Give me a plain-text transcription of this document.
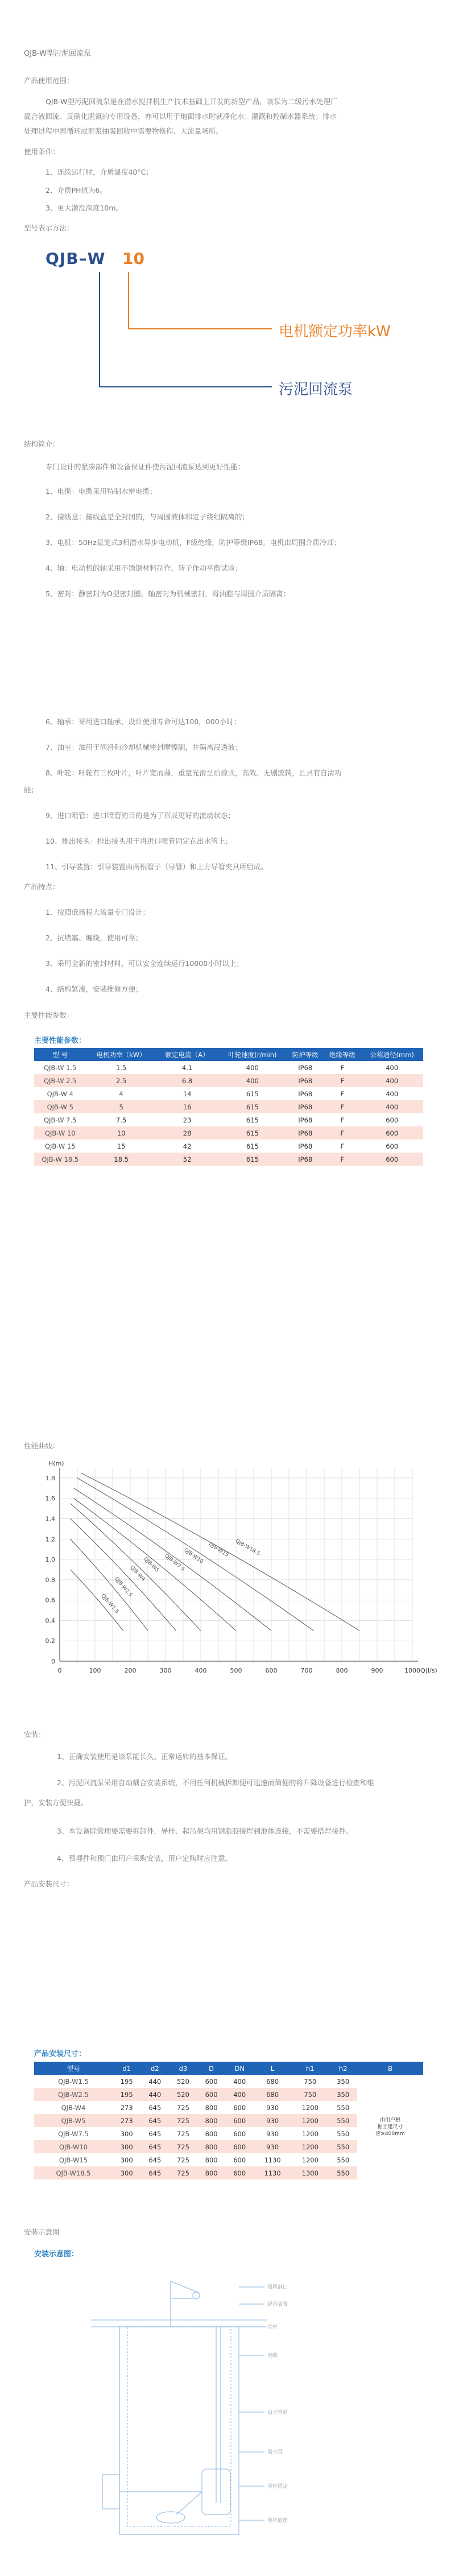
QJB-W型污泥回流泵
产品使用范围：
QJB-W型污泥回流泵是在潜水搅拌机生产技术基础上开发的新型产品，该泵为二级污水处理厂
混合液回流、反硝化脱氮的专用设备，亦可以用于地面排水时就净化水；灌溉和控制水器系统；排水
处理过程中再循环或泥浆抽吸回收中需要物换程、大流量场所。
使用条件：
1、连续运行时，介质温度40°C；
2、介质PH值为6。
3、更大潜没深度10m。
型号表示方法：
QJB–W 10
电机额定功率kW
污泥回流泵
结构简介：
专门设计的紧凑部件和设备保证件使污泥回流泵达到更好性能：
1、电缆：电缆采用特制水密电缆；
2、接线盒：接线盒是全封闭的，与周围液体和定子绕组隔离的；
3、电机：50Hz鼠笼式3相潜水异步电动机，F级绝缘，防护等级IP68。电机由周围介质冷却；
4、轴：电动机的轴采用不锈钢材料制作，转子作动平衡试验；
5、密封：静密封为O型密封圈。轴密封为机械密封，将油腔与周围介质隔离；
6、轴承：采用进口轴承，设计使用寿命可达100，000小时；
7、油室：油用于润滑和冷却机械密封摩擦副，并隔离浸透液；
8、叶轮：叶轮有三枚叶片，叶片宽而薄，重量光滑呈后掠式，高效、无剧波转，且具有自清功
能；
9、进口喷管：进口喷管的目的是为了形成更好的流动状态；
10、排出接头：排出接头用于将进口喷管固定在出水管上；
11、引导装置：引导装置由两根管子（导管）和上方导管夹具所组成。
产品特点：
1、按照低扬程大流量专门设计；
2、抗堵塞、缠绕，使用可靠；
3、采用全新的密封材料，可以安全连续运行10000小时以上；
4、结构紧凑，安装维修方便；
主要性能参数：
主要性能参数：
型 号	电机功率（kW）	额定电流（A）	叶轮速度(r/min)	防护等级	绝缘等级	公称通径(mm)
QJB-W 1.5	1.5	4.1	400	IP68	F	400
QJB-W 2.5	2.5	6.8	400	IP68	F	400
QJB-W 4	4	14	615	IP68	F	400
QJB-W 5	5	16	615	IP68	F	400
QJB-W 7.5	7.5	23	615	IP68	F	600
QJB-W 10	10	28	615	IP68	F	600
QJB-W 15	15	42	615	IP68	F	600
QJB-W 18.5	18.5	52	615	IP68	F	600
性能曲线：
0
0.2
0.4
0.6
0.8
1.0
1.2
1.4
1.6
1.8
0	100	200	300	400	500	600	700	800	900	1000
H(m)
Q(l/s)
QJB-W1.5
QJB-W2.5
QJB-W4
QJB-W5 QJB-W7.5
QJB-W10 QJB-W15 QJB-W18.5
安装：
1、正确安装使用是该泵能长久、正常运转的基本保证。
2、污泥回流泵采用自动耦合安装系统，不用任何机械拆卸便可迅速而简便的将升降设备进行检查和维
护，安装方便快捷。
3、本设备除管理要需要拆卸外，导杆、起吊架均用钢脂胶接焊到池体连接，不需要搭焊接件。
4、预埋件和预门由用户采购安装，用户定购时应注意。
产品安装尺寸：
产品安装尺寸：
型号	d1	d2	d3	D	DN	L	h1	h2	B
QJB-W1.5	195	440	520	600	400	680	750	350	由用户根
据土建尺寸
应≥400mm

QJB-W2.5	195	440	520	600	400	680	750	350	
QJB-W4	273	645	725	800	600	930	1200	550	
QJB-W5	273	645	725	800	600	930	1200	550	
QJB-W7.5	300	645	725	800	600	930	1200	550	
QJB-W10	300	645	725	800	600	930	1200	550	
QJB-W15	300	645	725	800	600	1130	1200	550	
QJB-W18.5	300	645	725	800	600	1130	1300	550	
安装示意图
安装示意图：
预留洞口
起吊装置
导杆
电缆
出水管道
潜水泵
导杆固定
导杆底座
